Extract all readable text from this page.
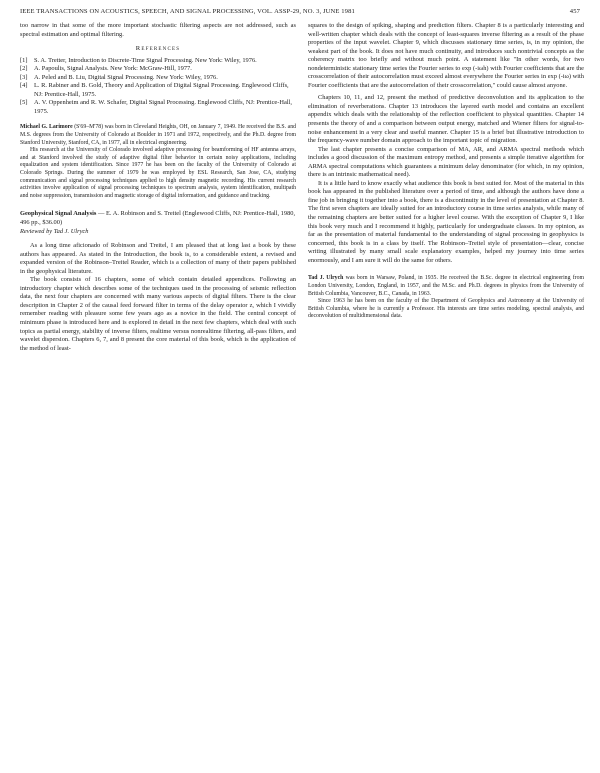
IEEE TRANSACTIONS ON ACOUSTICS, SPEECH, AND SIGNAL PROCESSING, VOL. ASSP-29, NO. 3, JUNE 1981	457

too narrow in that some of the more important stochastic filtering aspects are not addressed, such as spectral estimation and optimal filtering.

References
[1] S. A. Tretter, Introduction to Discrete-Time Signal Processing. New York: Wiley, 1976.
[2] A. Papoulis, Signal Analysis. New York: McGraw-Hill, 1977.
[3] A. Peled and B. Liu, Digital Signal Processing. New York: Wiley, 1976.
[4] L. R. Rabiner and B. Gold, Theory and Application of Digital Signal Processing. Englewood Cliffs, NJ: Prentice-Hall, 1975.
[5] A. V. Oppenheim and R. W. Schafer, Digital Signal Processing. Englewood Cliffs, NJ: Prentice-Hall, 1975.

Michael G. Larimore (S'69–M'78) was born in Cleveland Heights, OH, on January 7, 1949. He received the B.S. and M.S. degrees from the University of Colorado at Boulder in 1971 and 1972, respectively, and the Ph.D. degree from Stanford University, Stanford, CA, in 1977, all in electrical engineering.

His research at the University of Colorado involved adaptive processing for beamforming of HF antenna arrays, and at Stanford involved the study of adaptive digital filter behavior in certain noisy applications, including equalization and system identification. Since 1977 he has been on the faculty of the University of Colorado at Colorado Springs. During the summer of 1979 he was employed by ESL Research, San Jose, CA, studying communication and signal processing techniques applied to high density magnetic recording. His current research activities involve application of signal processing techniques to spectrum analysis, system identification, multipath and noise suppression, transmission and magnetic storage of digital information, and guidance and tracking.

Geophysical Signal Analysis — E. A. Robinson and S. Treitel (Englewood Cliffs, NJ: Prentice-Hall, 1980, 496 pp., $36.00)
Reviewed by Tad J. Ulrych

As a long time aficionado of Robinson and Treitel, I am pleased that at long last a book by these authors has appeared. As stated in the Introduction, the book is, to a considerable extent, a revised and expanded version of the Robinson–Treitel Reader, which is a collection of many of their papers published in the geophysical literature.

The book consists of 16 chapters, some of which contain detailed appendices. Following an introductory chapter which describes some of the techniques used in the processing of seismic reflection data, the next four chapters are concerned with many various aspects of digital filters. There is the clear description in Chapter 2 of the causal feed forward filter in terms of the delay operator z, which I vividly remember reading with pleasure some few years ago as a novice in the field. The central concept of minimum phase is introduced here and is explored in detail in the next few chapters, which deal with such topics as partial energy, stability of inverse filters, realtime versus nonrealtime filtering, all-pass filters, and wavelet dispersion. Chapters 6, 7, and 8 present the core material of this book, which is the application of the method of least-

squares to the design of spiking, shaping and prediction filters. Chapter 8 is a particularly interesting and well-written chapter which deals with the concept of least-squares inverse filtering as a result of the phase properties of the input wavelet. Chapter 9, which discusses stationary time series, is, in my opinion, the weakest part of the book. It does not have much continuity, and introduces such nontrivial concepts as the coherency matrix too briefly and without much point. A statement like "In other words, for two nondeterministic stationary time series the Fourier series to exp (-iωh) with Fourier coefficients that are the crosscorrelation of their autocorrelation must exceed almost everywhere the Fourier series in exp (-iω) with Fourier coefficients that are the autocorrelation of their crosscorrelation," could cause almost anyone.

Chapters 10, 11, and 12, present the method of predictive deconvolution and its application to the elimination of reverberations. Chapter 13 introduces the layered earth model and contains an excellent appendix which deals with the relationship of the reflection coefficient to physical quantities. Chapter 14 presents the theory of and a comparison between output energy, matched and Wiener filters for signal-to-noise enhancement in a very clear and useful manner. Chapter 15 is a brief but illustrative introduction to the frequency-wave number domain approach to the important topic of migration.

The last chapter presents a concise comparison of MA, AR, and ARMA spectral methods which includes a good discussion of the maximum entropy method, and presents a simple iterative algorithm for ARMA spectral computations which guarantees a minimum delay denominator (for which, in my opinion, there is an intrinsic mathematical need).

It is a little hard to know exactly what audience this book is best suited for. Most of the material in this book has appeared in the published literature over a period of time, and although the authors have done a fine job in bringing it together into a book, there is a discontinuity in the level of presentation at Chapter 8. The first seven chapters are ideally suited for an introductory course in time series analysis, while many of the remaining chapters are better suited for a higher level course. With the exception of Chapter 9, I like this book very much and I recommend it highly, particularly for undergraduate classes. In my opinion, as far as the presentation of material fundamental to the understanding of signal processing in geophysics is concerned, this book is in a class by itself. The Robinson–Treitel style of presentation—clear, concise writing illustrated by many small scale explanatory examples, helped my journey into time series enormously, and I am sure it will do the same for others.

Tad J. Ulrych was born in Warsaw, Poland, in 1935. He received the B.Sc. degree in electrical engineering from London University, London, England, in 1957, and the M.Sc. and Ph.D. degrees in physics from the University of British Columbia, Vancouver, B.C., Canada, in 1963.

Since 1963 he has been on the faculty of the Department of Geophysics and Astronomy at the University of British Columbia, where he is currently a Professor. His interests are time series modeling, spectral analysis, and deconvolution of multidimensional data.
